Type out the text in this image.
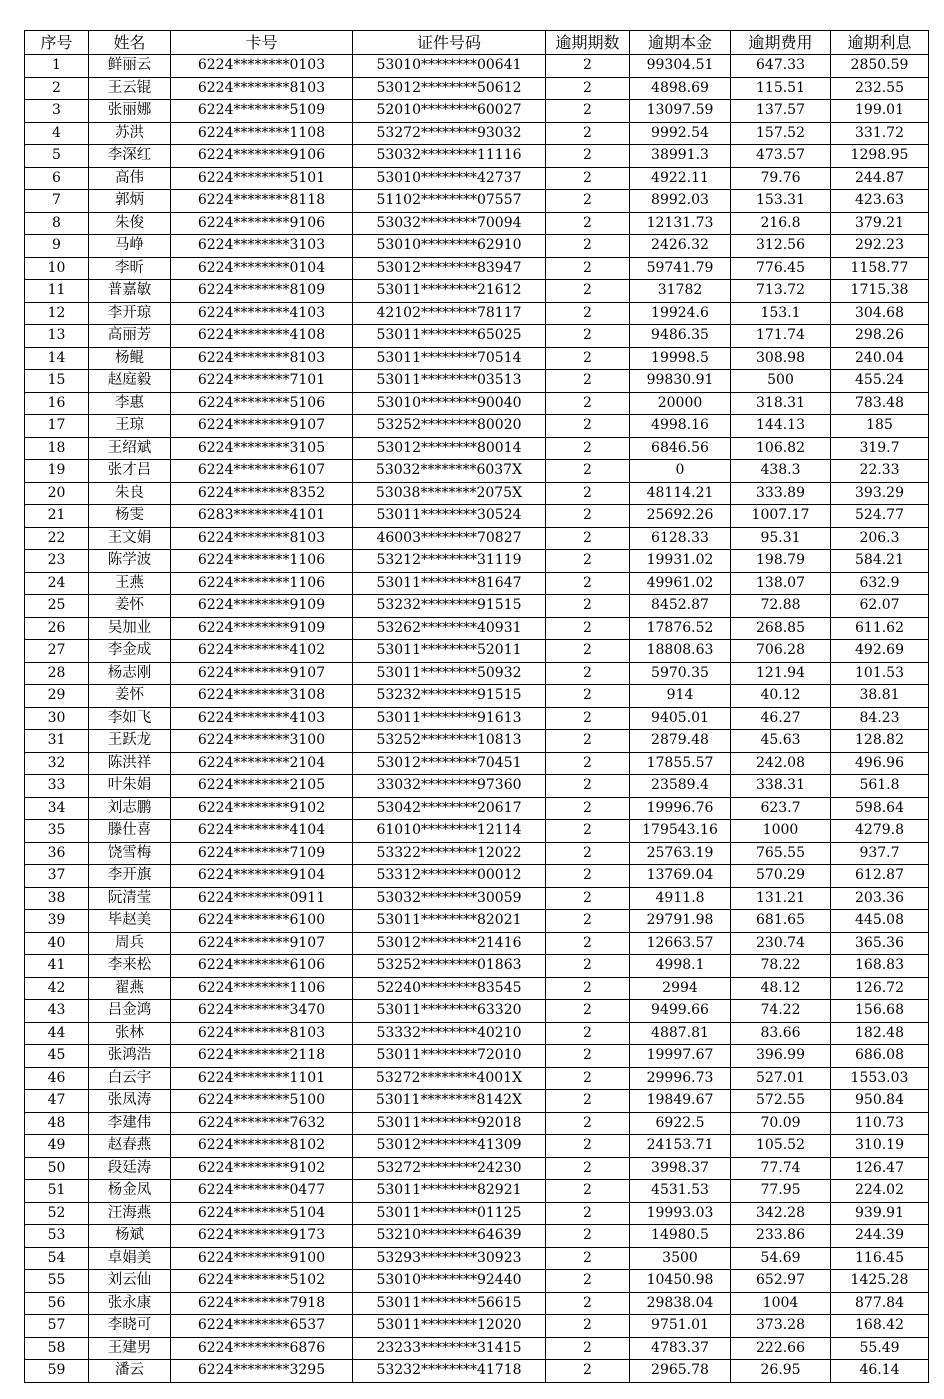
序号	姓名	卡号	证件号码	逾期期数	逾期本金	逾期费用	逾期利息
1	鲜丽云	6224********0103	53010********00641	2	99304.51	647.33	2850.59
2	王云锟	6224********8103	53012********50612	2	4898.69	115.51	232.55
3	张丽娜	6224********5109	52010********60027	2	13097.59	137.57	199.01
4	苏洪	6224********1108	53272********93032	2	9992.54	157.52	331.72
5	李深红	6224********9106	53032********11116	2	38991.3	473.57	1298.95
6	高伟	6224********5101	53010********42737	2	4922.11	79.76	244.87
7	郭炳	6224********8118	51102********07557	2	8992.03	153.31	423.63
8	朱俊	6224********9106	53032********70094	2	12131.73	216.8	379.21
9	马峥	6224********3103	53010********62910	2	2426.32	312.56	292.23
10	李昕	6224********0104	53012********83947	2	59741.79	776.45	1158.77
11	普嘉敏	6224********8109	53011********21612	2	31782	713.72	1715.38
12	李开琼	6224********4103	42102********78117	2	19924.6	153.1	304.68
13	高丽芳	6224********4108	53011********65025	2	9486.35	171.74	298.26
14	杨鲲	6224********8103	53011********70514	2	19998.5	308.98	240.04
15	赵庭毅	6224********7101	53011********03513	2	99830.91	500	455.24
16	李惠	6224********5106	53010********90040	2	20000	318.31	783.48
17	王琼	6224********9107	53252********80020	2	4998.16	144.13	185
18	王绍斌	6224********3105	53012********80014	2	6846.56	106.82	319.7
19	张才吕	6224********6107	53032********6037X	2	0	438.3	22.33
20	朱良	6224********8352	53038********2075X	2	48114.21	333.89	393.29
21	杨雯	6283********4101	53011********30524	2	25692.26	1007.17	524.77
22	王文娟	6224********8103	46003********70827	2	6128.33	95.31	206.3
23	陈学波	6224********1106	53212********31119	2	19931.02	198.79	584.21
24	王燕	6224********1106	53011********81647	2	49961.02	138.07	632.9
25	姜怀	6224********9109	53232********91515	2	8452.87	72.88	62.07
26	吴加业	6224********9109	53262********40931	2	17876.52	268.85	611.62
27	李金成	6224********4102	53011********52011	2	18808.63	706.28	492.69
28	杨志刚	6224********9107	53011********50932	2	5970.35	121.94	101.53
29	姜怀	6224********3108	53232********91515	2	914	40.12	38.81
30	李如飞	6224********4103	53011********91613	2	9405.01	46.27	84.23
31	王跃龙	6224********3100	53252********10813	2	2879.48	45.63	128.82
32	陈洪祥	6224********2104	53012********70451	2	17855.57	242.08	496.96
33	叶朱娟	6224********2105	33032********97360	2	23589.4	338.31	561.8
34	刘志鹏	6224********9102	53042********20617	2	19996.76	623.7	598.64
35	滕仕喜	6224********4104	61010********12114	2	179543.16	1000	4279.8
36	饶雪梅	6224********7109	53322********12022	2	25763.19	765.55	937.7
37	李开旗	6224********9104	53312********00012	2	13769.04	570.29	612.87
38	阮清莹	6224********0911	53032********30059	2	4911.8	131.21	203.36
39	毕赵美	6224********6100	53011********82021	2	29791.98	681.65	445.08
40	周兵	6224********9107	53012********21416	2	12663.57	230.74	365.36
41	李来松	6224********6106	53252********01863	2	4998.1	78.22	168.83
42	翟燕	6224********1106	52240********83545	2	2994	48.12	126.72
43	吕金鸿	6224********3470	53011********63320	2	9499.66	74.22	156.68
44	张林	6224********8103	53332********40210	2	4887.81	83.66	182.48
45	张鸿浩	6224********2118	53011********72010	2	19997.67	396.99	686.08
46	白云宇	6224********1101	53272********4001X	2	29996.73	527.01	1553.03
47	张凤涛	6224********5100	53011********8142X	2	19849.67	572.55	950.84
48	李建伟	6224********7632	53011********92018	2	6922.5	70.09	110.73
49	赵春燕	6224********8102	53012********41309	2	24153.71	105.52	310.19
50	段廷涛	6224********9102	53272********24230	2	3998.37	77.74	126.47
51	杨金凤	6224********0477	53011********82921	2	4531.53	77.95	224.02
52	汪海燕	6224********5104	53011********01125	2	19993.03	342.28	939.91
53	杨斌	6224********9173	53210********64639	2	14980.5	233.86	244.39
54	卓娟美	6224********9100	53293********30923	2	3500	54.69	116.45
55	刘云仙	6224********5102	53010********92440	2	10450.98	652.97	1425.28
56	张永康	6224********7918	53011********56615	2	29838.04	1004	877.84
57	李晓可	6224********6537	53011********12020	2	9751.01	373.28	168.42
58	王建男	6224********6876	23233********31415	2	4783.37	222.66	55.49
59	潘云	6224********3295	53232********41718	2	2965.78	26.95	46.14
